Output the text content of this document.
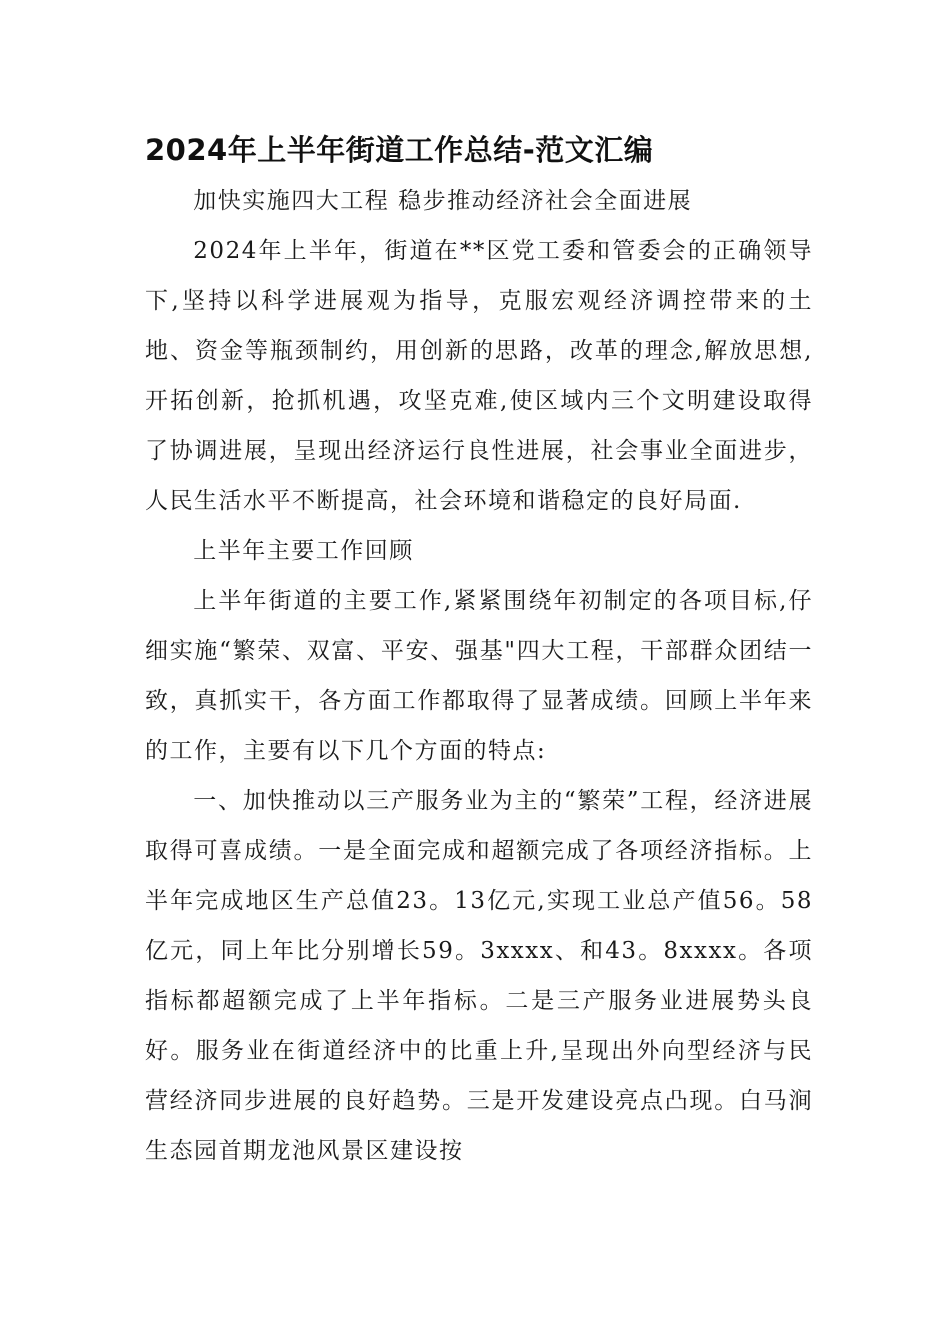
2024年上半年街道工作总结-范文汇编

加快实施四大工程 稳步推动经济社会全面进展

2024年上半年，街道在**区党工委和管委会的正确领导下,坚持以科学进展观为指导，克服宏观经济调控带来的土地、资金等瓶颈制约，用创新的思路，改革的理念,解放思想,开拓创新，抢抓机遇，攻坚克难,使区域内三个文明建设取得了协调进展，呈现出经济运行良性进展，社会事业全面进步，人民生活水平不断提高，社会环境和谐稳定的良好局面.

上半年主要工作回顾

上半年街道的主要工作,紧紧围绕年初制定的各项目标,仔细实施“繁荣、双富、平安、强基"四大工程，干部群众团结一致，真抓实干，各方面工作都取得了显著成绩。回顾上半年来的工作，主要有以下几个方面的特点:

一、加快推动以三产服务业为主的“繁荣”工程，经济进展取得可喜成绩。一是全面完成和超额完成了各项经济指标。上半年完成地区生产总值23。13亿元,实现工业总产值56。58亿元，同上年比分别增长59。3xxxx、和43。8xxxx。各项指标都超额完成了上半年指标。二是三产服务业进展势头良好。服务业在街道经济中的比重上升,呈现出外向型经济与民营经济同步进展的良好趋势。三是开发建设亮点凸现。白马涧生态园首期龙池风景区建设按
